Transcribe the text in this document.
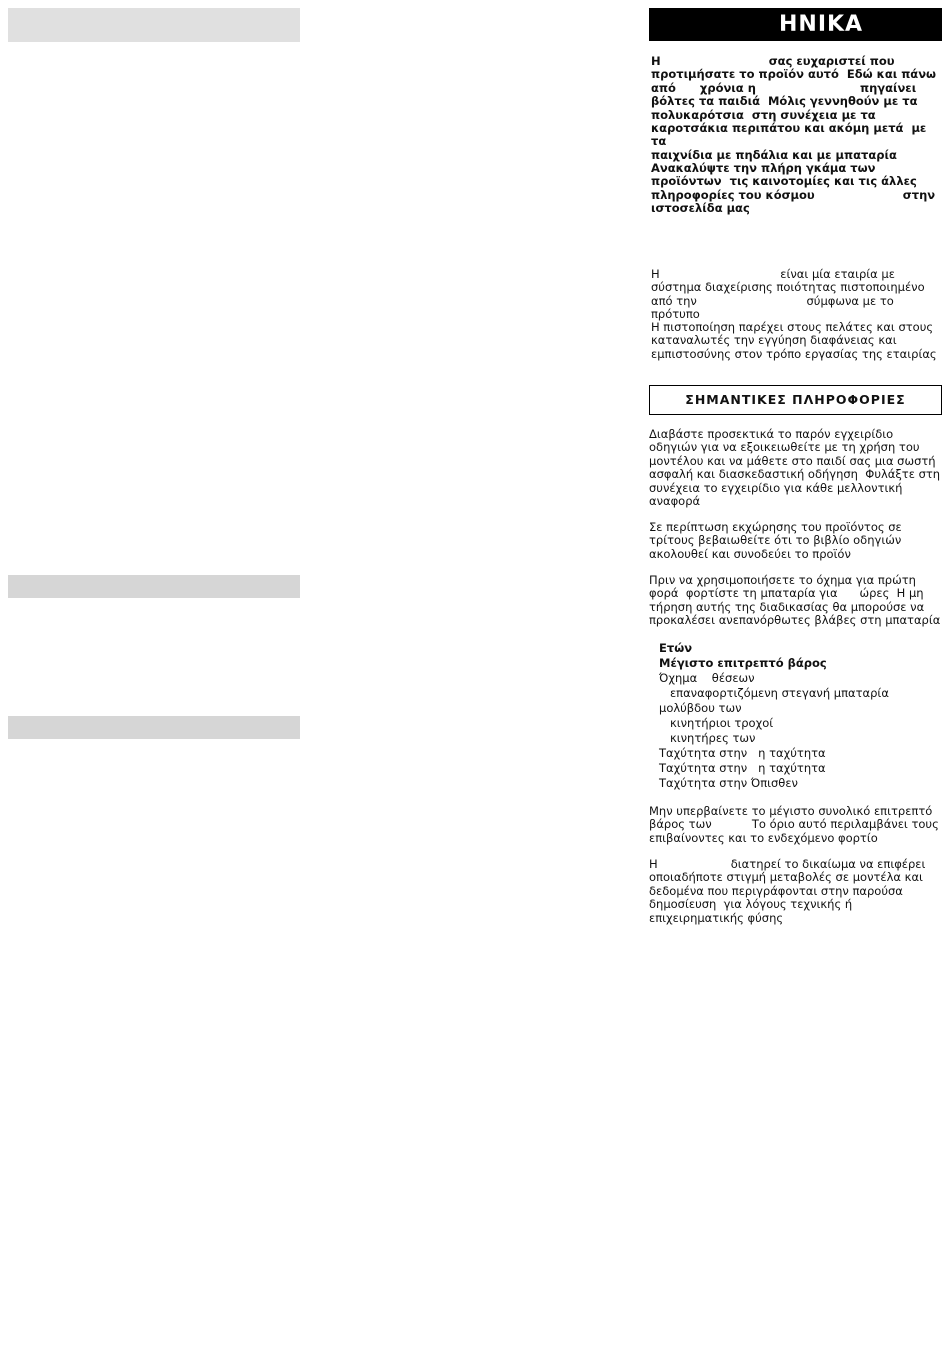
ΗΝΙΚΑ

Η                           σας ευχαριστεί που
προτιμήσατε το προϊόν αυτό  Εδώ και πάνω
από      χρόνια η                          πηγαίνει
βόλτες τα παιδιά  Μόλις γεννηθούν με τα
πολυκαρότσια  στη συνέχεια με τα
καροτσάκια περιπάτου και ακόμη μετά  με τα
παιχνίδια με πηδάλια και με μπαταρία

Ανακαλύψτε την πλήρη γκάμα των
προϊόντων  τις καινοτομίες και τις άλλες
πληροφορίες του κόσμου                      στην
ιστοσελίδα μας

Η                                 είναι μία εταιρία με
σύστημα διαχείρισης ποιότητας πιστοποιημένο
από την                              σύμφωνα με το
πρότυπο

Η πιστοποίηση παρέχει στους πελάτες και στους
καταναλωτές την εγγύηση διαφάνειας και
εμπιστοσύνης στον τρόπο εργασίας της εταιρίας

ΣΗΜΑΝΤΙΚΕΣ ΠΛΗΡΟΦΟΡΙΕΣ

Διαβάστε προσεκτικά το παρόν εγχειρίδιο
οδηγιών για να εξοικειωθείτε με τη χρήση του
μοντέλου και να μάθετε στο παιδί σας μια σωστή
ασφαλή και διασκεδαστική οδήγηση  Φυλάξτε στη
συνέχεια το εγχειρίδιο για κάθε μελλοντική
αναφορά

Σε περίπτωση εκχώρησης του προϊόντος σε
τρίτους βεβαιωθείτε ότι το βιβλίο οδηγιών
ακολουθεί και συνοδεύει το προϊόν

Πριν να χρησιμοποιήσετε το όχημα για πρώτη
φορά  φορτίστε τη μπαταρία για      ώρες  Η μη
τήρηση αυτής της διαδικασίας θα μπορούσε να
προκαλέσει ανεπανόρθωτες βλάβες στη μπαταρία

Ετών

Μέγιστο επιτρεπτό βάρος

Όχημα    θέσεων

επαναφορτιζόμενη στεγανή μπαταρία

μολύβδου των

κινητήριοι τροχοί

κινητήρες των

Ταχύτητα στην   η ταχύτητα

Ταχύτητα στην   η ταχύτητα

Ταχύτητα στην Όπισθεν

Μην υπερβαίνετε το μέγιστο συνολικό επιτρεπτό
βάρος των           Το όριο αυτό περιλαμβάνει τους
επιβαίνοντες και το ενδεχόμενο φορτίο

Η                    διατηρεί το δικαίωμα να επιφέρει
οποιαδήποτε στιγμή μεταβολές σε μοντέλα και
δεδομένα που περιγράφονται στην παρούσα
δημοσίευση  για λόγους τεχνικής ή
επιχειρηματικής φύσης
